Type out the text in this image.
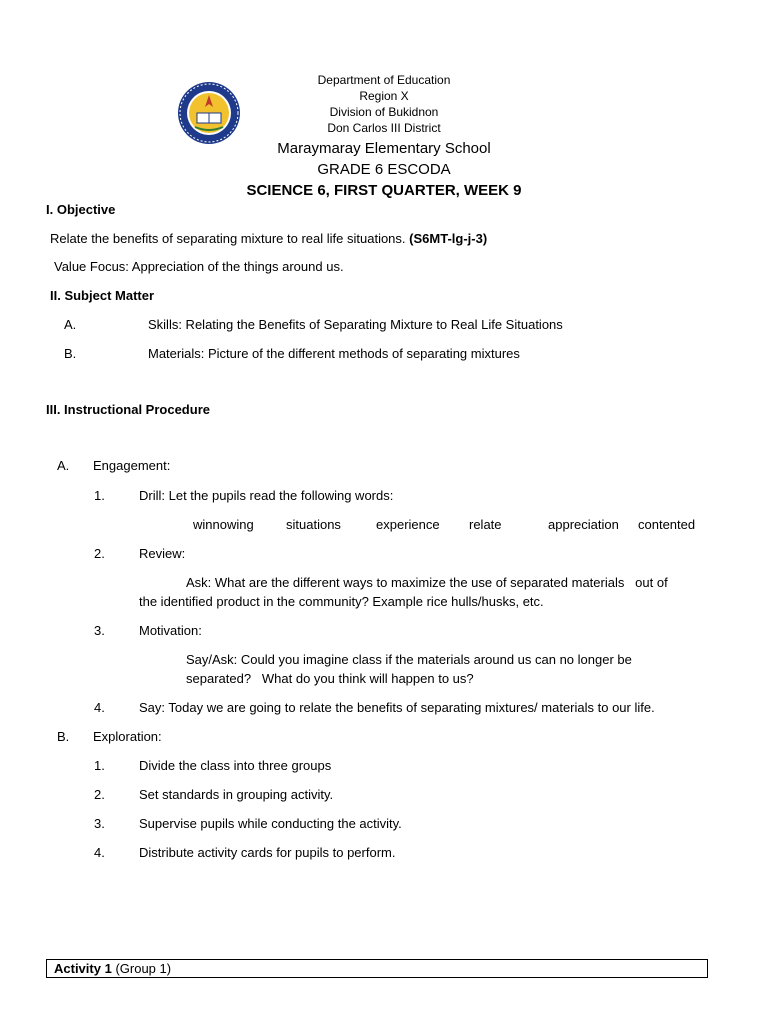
Department of Education
Region X
Division of Bukidnon
Don Carlos III District
Maraymaray Elementary School
GRADE 6 ESCODA
SCIENCE 6, FIRST QUARTER, WEEK 9
I. Objective
Relate the benefits of separating mixture to real life situations. (S6MT-lg-j-3)
Value Focus: Appreciation of the things around us.
II. Subject Matter
A.	Skills: Relating the Benefits of Separating Mixture to Real Life Situations
B.	Materials: Picture of the different methods of separating mixtures
III. Instructional Procedure
A. Engagement:
1.	Drill: Let the pupils read the following words:
winnowing situations	experience relate	appreciation contented
2.	Review:
Ask: What are the different ways to maximize the use of separated materials   out of
the identified product in the community? Example rice hulls/husks, etc.
3.	Motivation:
Say/Ask: Could you imagine class if the materials around us can no longer be
separated?   What do you think will happen to us?
4.	Say: Today we are going to relate the benefits of separating mixtures/ materials to our life.
B. Exploration:
1.	Divide the class into three groups
2.	Set standards in grouping activity.
3.	Supervise pupils while conducting the activity.
4.	Distribute activity cards for pupils to perform.
Activity 1 (Group 1)
